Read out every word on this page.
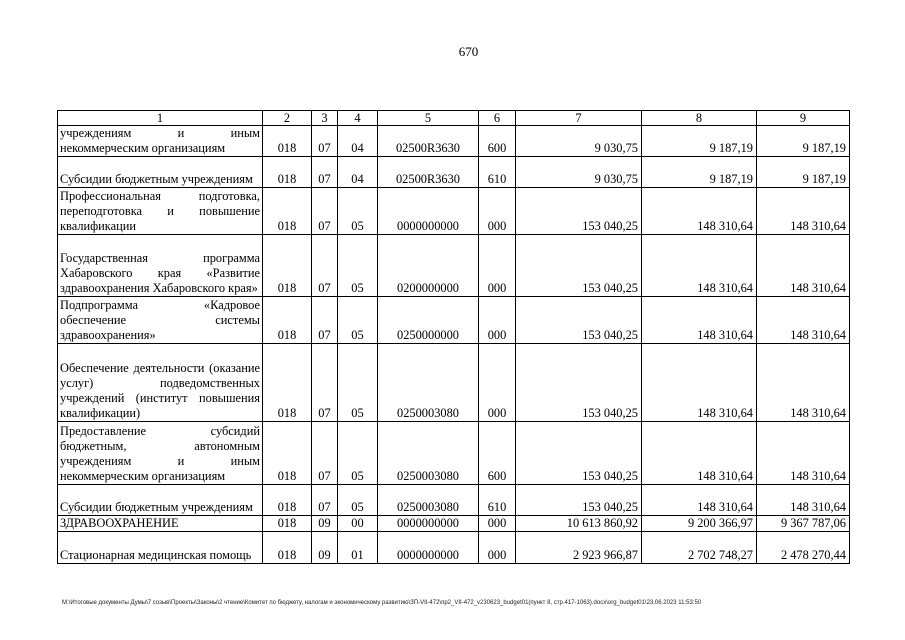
670
1	2	3	4	5	6	7	8	9
учреждениям и иным некоммерческим организациям	018	07	04	02500R3630	600	9 030,75	9 187,19	9 187,19
Субсидии бюджетным учреждениям	018	07	04	02500R3630	610	9 030,75	9 187,19	9 187,19
Профессиональная подготовка, переподготовка и повышение квалификации	018	07	05	0000000000	000	153 040,25	148 310,64	148 310,64
Государственная программа Хабаровского края «Развитие здравоохранения Хабаровского края»	018	07	05	0200000000	000	153 040,25	148 310,64	148 310,64
Подпрограмма «Кадровое обеспечение системы здравоохранения»	018	07	05	0250000000	000	153 040,25	148 310,64	148 310,64
Обеспечение деятельности (оказание услуг) подведомственных учреждений (институт повышения квалификации)	018	07	05	0250003080	000	153 040,25	148 310,64	148 310,64
Предоставление субсидий бюджетным, автономным учреждениям и иным некоммерческим организациям	018	07	05	0250003080	600	153 040,25	148 310,64	148 310,64
Субсидии бюджетным учреждениям	018	07	05	0250003080	610	153 040,25	148 310,64	148 310,64
ЗДРАВООХРАНЕНИЕ	018	09	00	0000000000	000	10 613 860,92	9 200 366,97	9 367 787,06
Стационарная медицинская помощь	018	09	01	0000000000	000	2 923 966,87	2 702 748,27	2 478 270,44
M:\Итоговые документы Думы\7 созыв\Проекты\Законы\2 чтение\Комитет по бюджету, налогам и экономическому развитию\ЗП-VII-472\пр2_VII-472_v230623_budget01(пункт 8, стр.417-1063).docx\org_budget01\23.06.2023 11:53:50
